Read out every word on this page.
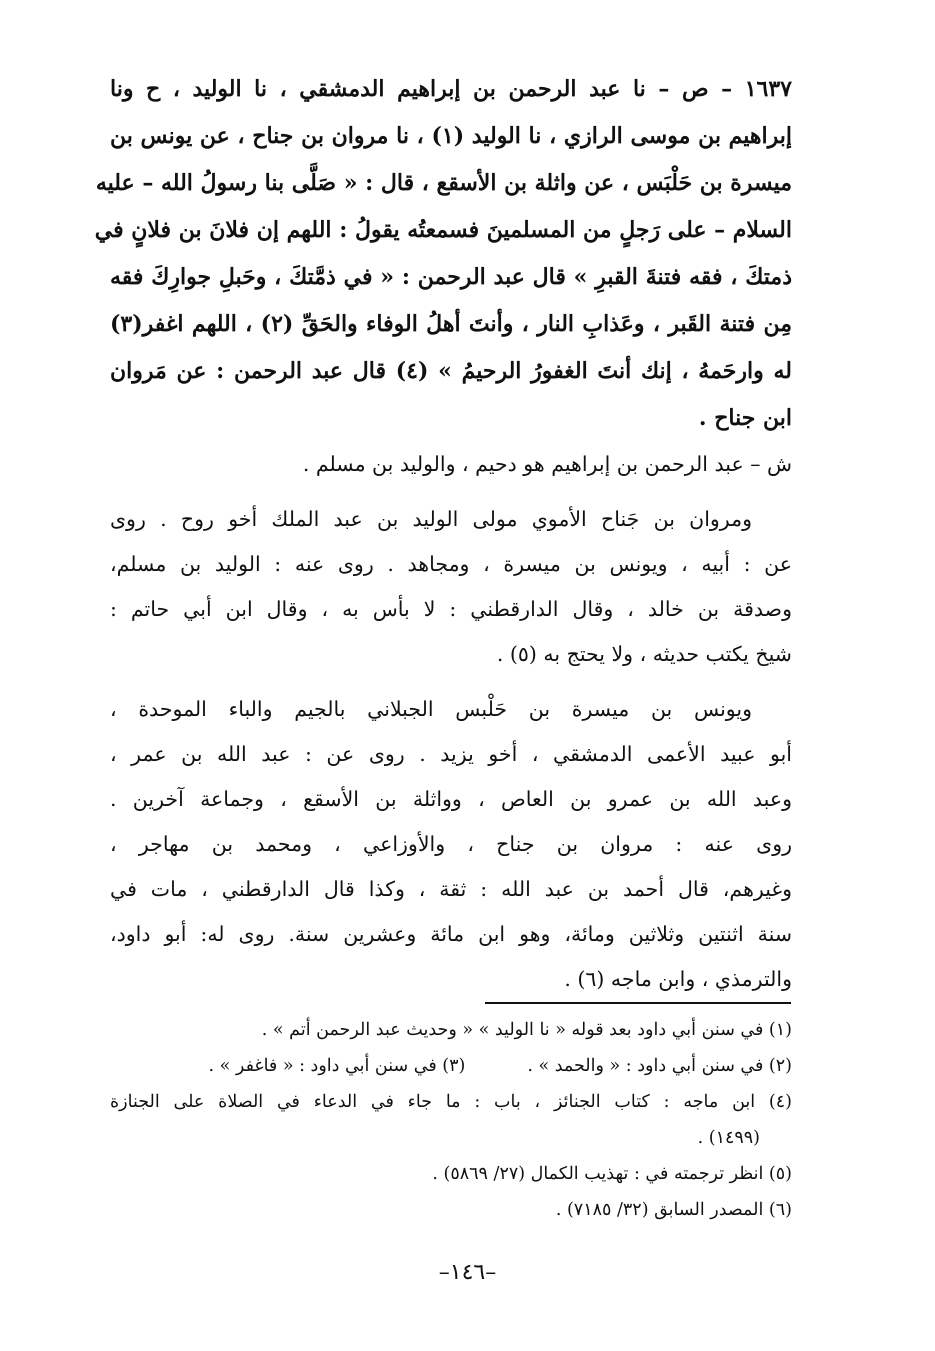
١٦٣٧ – ص – نا عبد الرحمن بن إبراهيم الدمشقي ، نا الوليد ، ح ونا
إبراهيم بن موسى الرازي ، نا الوليد (١) ، نا مروان بن جناح ، عن يونس بن
ميسرة بن حَلْبَس ، عن واثلة بن الأسقع ، قال : « صَلَّى بنا رسولُ الله – عليه
السلام – على رَجلٍ من المسلمينَ فسمعتُه يقولُ : اللهم إن فلانَ بن فلانٍ في
ذمتكَ ، فقه فتنةَ القبرِ » قال عبد الرحمن : « في ذمَّتكَ ، وحَبلِ جوارِكَ فقه
مِن فتنة القَبر ، وعَذابِ النار ، وأنتَ أهلُ الوفاء والحَقِّ (٢) ، اللهم اغفر(٣)
له وارحَمهُ ، إنك أنتَ الغفورُ الرحيمُ » (٤) قال عبد الرحمن : عن مَروان
ابن جناح .
ش – عبد الرحمن بن إبراهيم هو دحيم ، والوليد بن مسلم .
ومروان بن جَناح الأموي مولى الوليد بن عبد الملك أخو روح . روى
عن : أبيه ، ويونس بن ميسرة ، ومجاهد . روى عنه : الوليد بن مسلم،
وصدقة بن خالد ، وقال الدارقطني : لا بأس به ، وقال ابن أبي حاتم :
شيخ يكتب حديثه ، ولا يحتج به (٥) .
ويونس بن ميسرة بن حَلْبس الجبلاني بالجيم والباء الموحدة ،
أبو عبيد الأعمى الدمشقي ، أخو يزيد . روى عن : عبد الله بن عمر ،
وعبد الله بن عمرو بن العاص ، وواثلة بن الأسقع ، وجماعة آخرين .
روى عنه : مروان بن جناح ، والأوزاعي ، ومحمد بن مهاجر ،
وغيرهم، قال أحمد بن عبد الله : ثقة ، وكذا قال الدارقطني ، مات في
سنة اثنتين وثلاثين ومائة، وهو ابن مائة وعشرين سنة. روى له: أبو داود،
والترمذي ، وابن ماجه (٦) .
(١) في سنن أبي داود بعد قوله « نا الوليد » « وحديث عبد الرحمن أتم » .
(٢) في سنن أبي داود : « والحمد » .(٣) في سنن أبي داود : « فاغفر » .
(٤) ابن ماجه : كتاب الجنائز ، باب : ما جاء في الدعاء في الصلاة على الجنازة
(١٤٩٩) .
(٥) انظر ترجمته في : تهذيب الكمال (٢٧/ ٥٨٦٩) .
(٦) المصدر السابق (٣٢/ ٧١٨٥) .
–١٤٦–
